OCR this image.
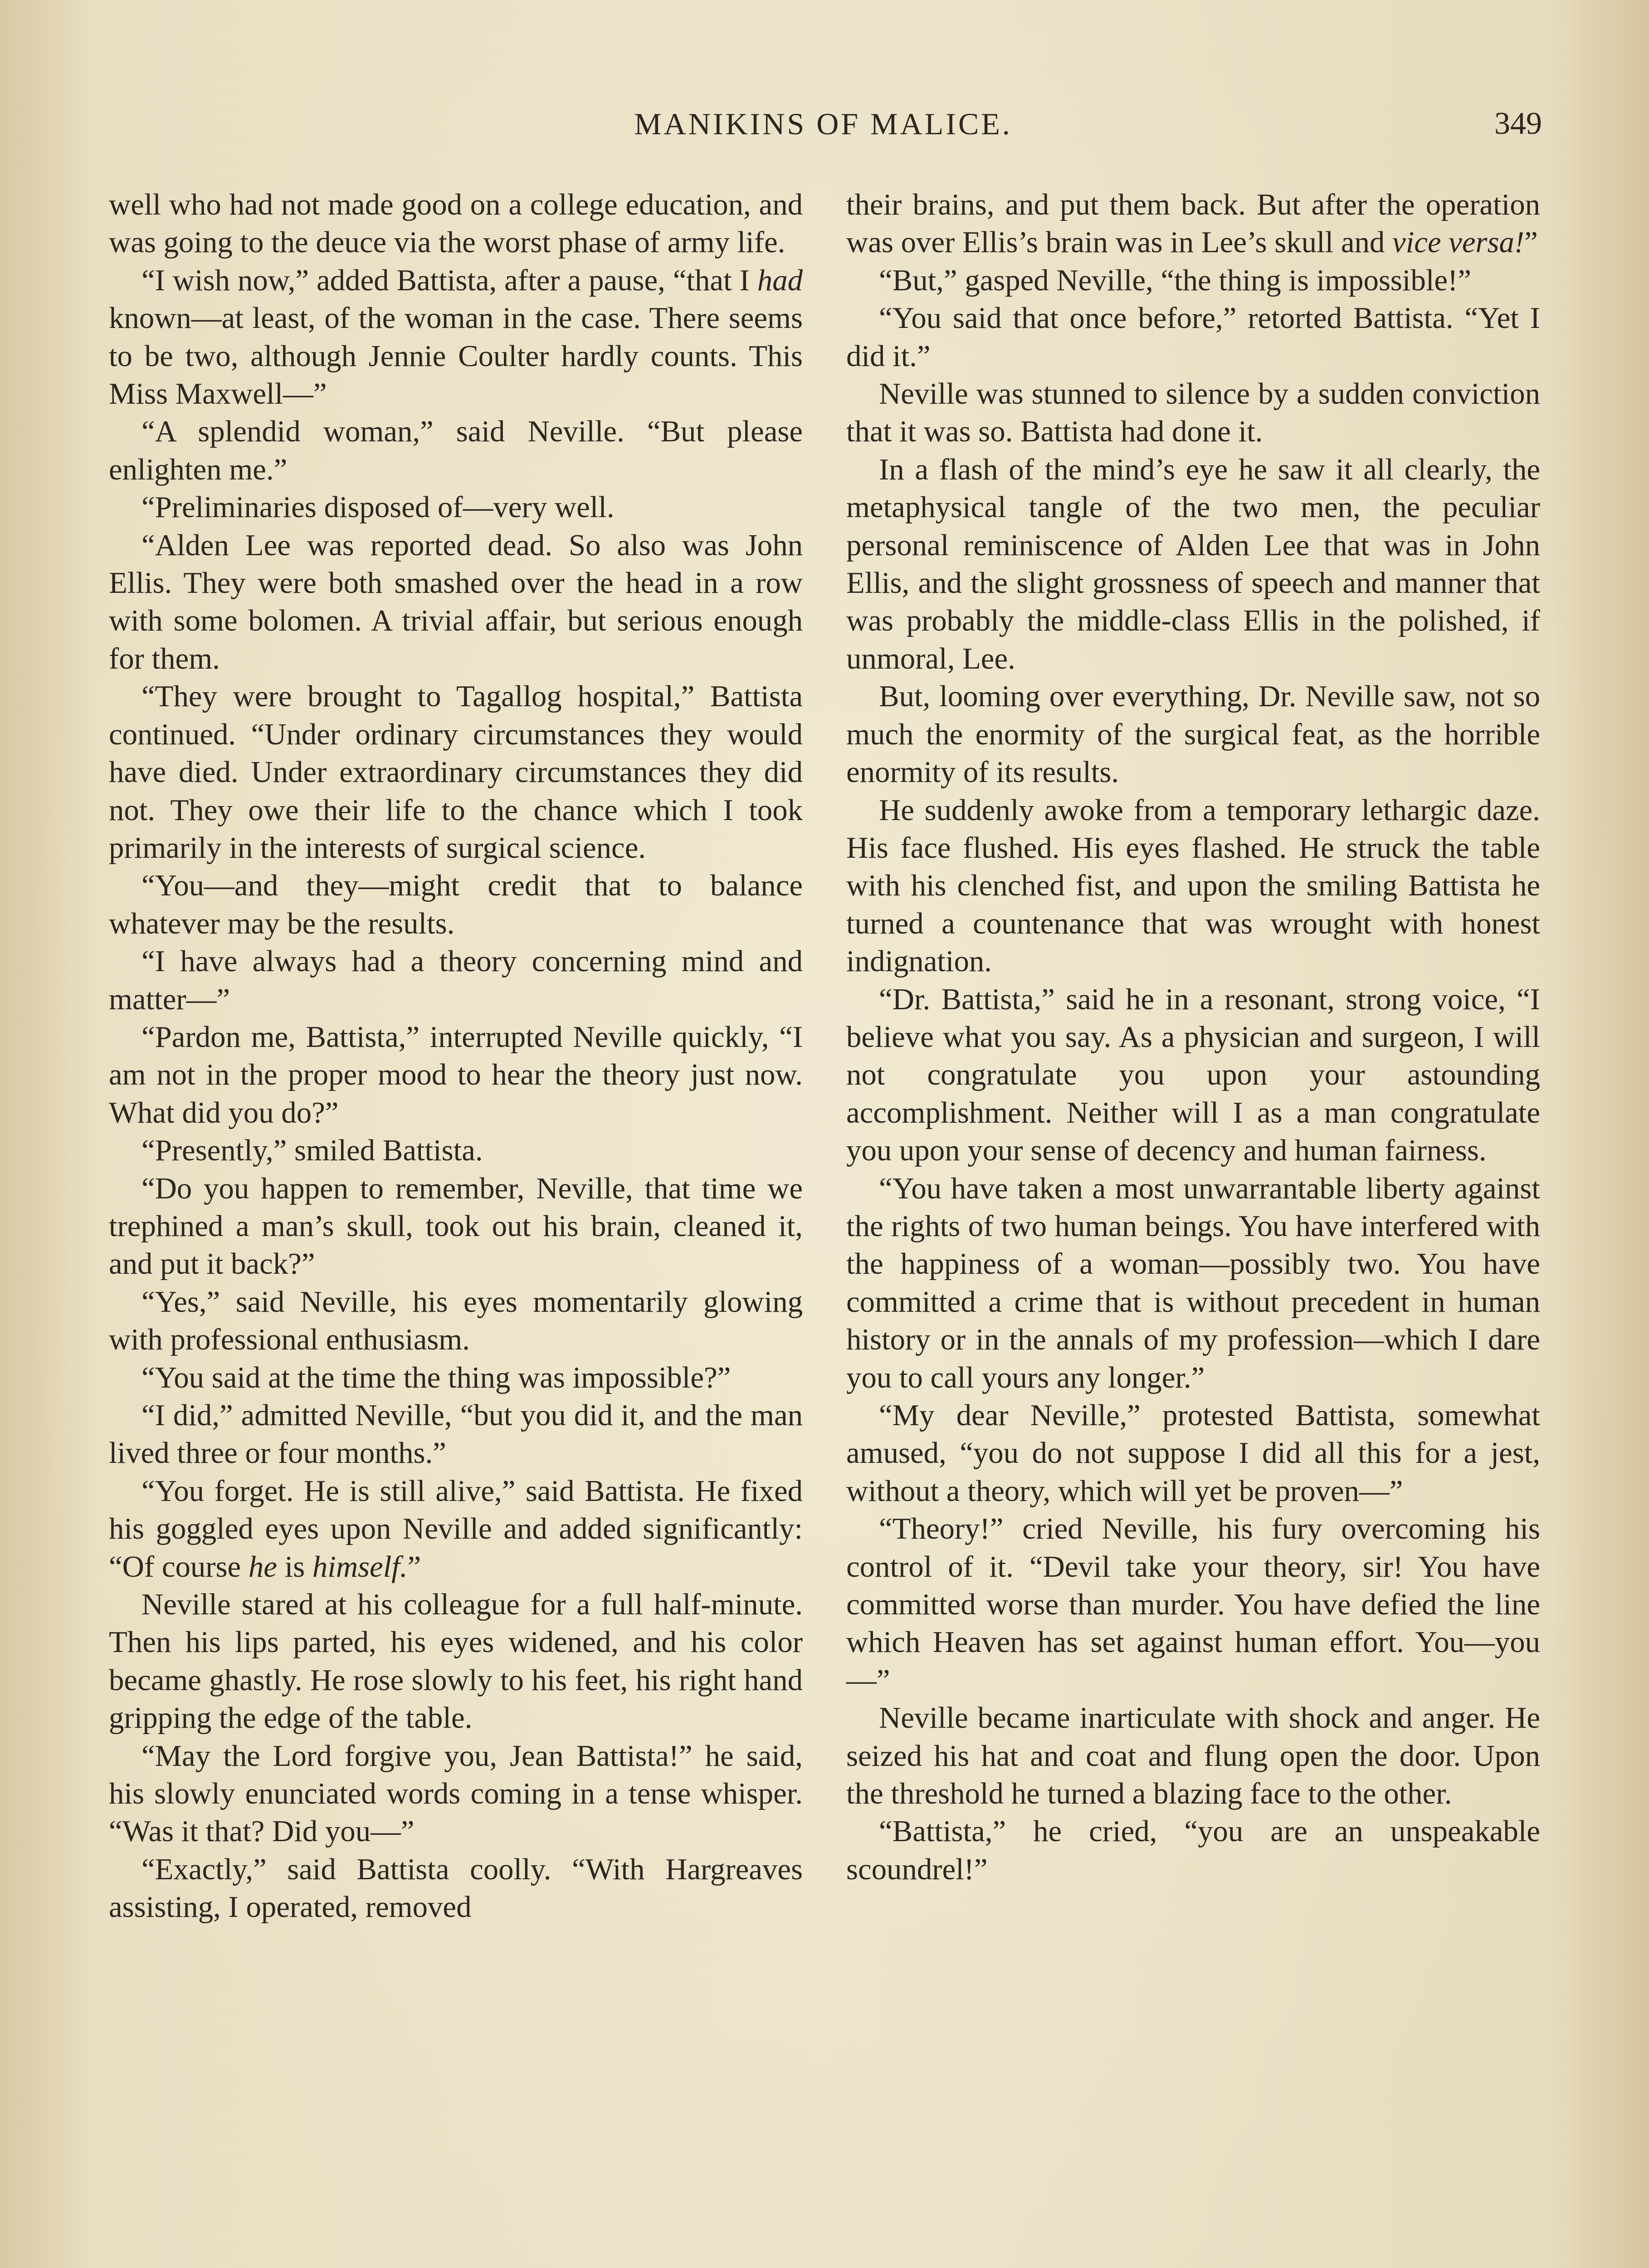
MANIKINS OF MALICE.	349

well who had not made good on a college education, and was going to the deuce via the worst phase of army life.

“I wish now,” added Battista, after a pause, “that I had known—at least, of the woman in the case. There seems to be two, although Jennie Coulter hardly counts. This Miss Maxwell—”

“A splendid woman,” said Neville. “But please enlighten me.”

“Preliminaries disposed of—very well.

“Alden Lee was reported dead. So also was John Ellis. They were both smashed over the head in a row with some bolomen. A trivial affair, but serious enough for them.

“They were brought to Tagallog hospital,” Battista continued. “Under ordinary circumstances they would have died. Under extraordinary circumstances they did not. They owe their life to the chance which I took primarily in the interests of surgical science.

“You—and they—might credit that to balance whatever may be the results.

“I have always had a theory concerning mind and matter—”

“Pardon me, Battista,” interrupted Neville quickly, “I am not in the proper mood to hear the theory just now. What did you do?”

“Presently,” smiled Battista.

“Do you happen to remember, Neville, that time we trephined a man’s skull, took out his brain, cleaned it, and put it back?”

“Yes,” said Neville, his eyes momentarily glowing with professional enthusiasm.

“You said at the time the thing was impossible?”

“I did,” admitted Neville, “but you did it, and the man lived three or four months.”

“You forget. He is still alive,” said Battista. He fixed his goggled eyes upon Neville and added significantly: “Of course he is himself.”

Neville stared at his colleague for a full half-minute. Then his lips parted, his eyes widened, and his color became ghastly. He rose slowly to his feet, his right hand gripping the edge of the table.

“May the Lord forgive you, Jean Battista!” he said, his slowly enunciated words coming in a tense whisper. “Was it that? Did you—”

“Exactly,” said Battista coolly. “With Hargreaves assisting, I operated, removed

their brains, and put them back. But after the operation was over Ellis’s brain was in Lee’s skull and vice versa!”

“But,” gasped Neville, “the thing is impossible!”

“You said that once before,” retorted Battista. “Yet I did it.”

Neville was stunned to silence by a sudden conviction that it was so. Battista had done it.

In a flash of the mind’s eye he saw it all clearly, the metaphysical tangle of the two men, the peculiar personal reminiscence of Alden Lee that was in John Ellis, and the slight grossness of speech and manner that was probably the middle-class Ellis in the polished, if unmoral, Lee.

But, looming over everything, Dr. Neville saw, not so much the enormity of the surgical feat, as the horrible enormity of its results.

He suddenly awoke from a temporary lethargic daze. His face flushed. His eyes flashed. He struck the table with his clenched fist, and upon the smiling Battista he turned a countenance that was wrought with honest indignation.

“Dr. Battista,” said he in a resonant, strong voice, “I believe what you say. As a physician and surgeon, I will not congratulate you upon your astounding accomplishment. Neither will I as a man congratulate you upon your sense of decency and human fairness.

“You have taken a most unwarrantable liberty against the rights of two human beings. You have interfered with the happiness of a woman—possibly two. You have committed a crime that is without precedent in human history or in the annals of my profession—which I dare you to call yours any longer.”

“My dear Neville,” protested Battista, somewhat amused, “you do not suppose I did all this for a jest, without a theory, which will yet be proven—”

“Theory!” cried Neville, his fury overcoming his control of it. “Devil take your theory, sir! You have committed worse than murder. You have defied the line which Heaven has set against human effort. You—you—”

Neville became inarticulate with shock and anger. He seized his hat and coat and flung open the door. Upon the threshold he turned a blazing face to the other.

“Battista,” he cried, “you are an unspeakable scoundrel!”
